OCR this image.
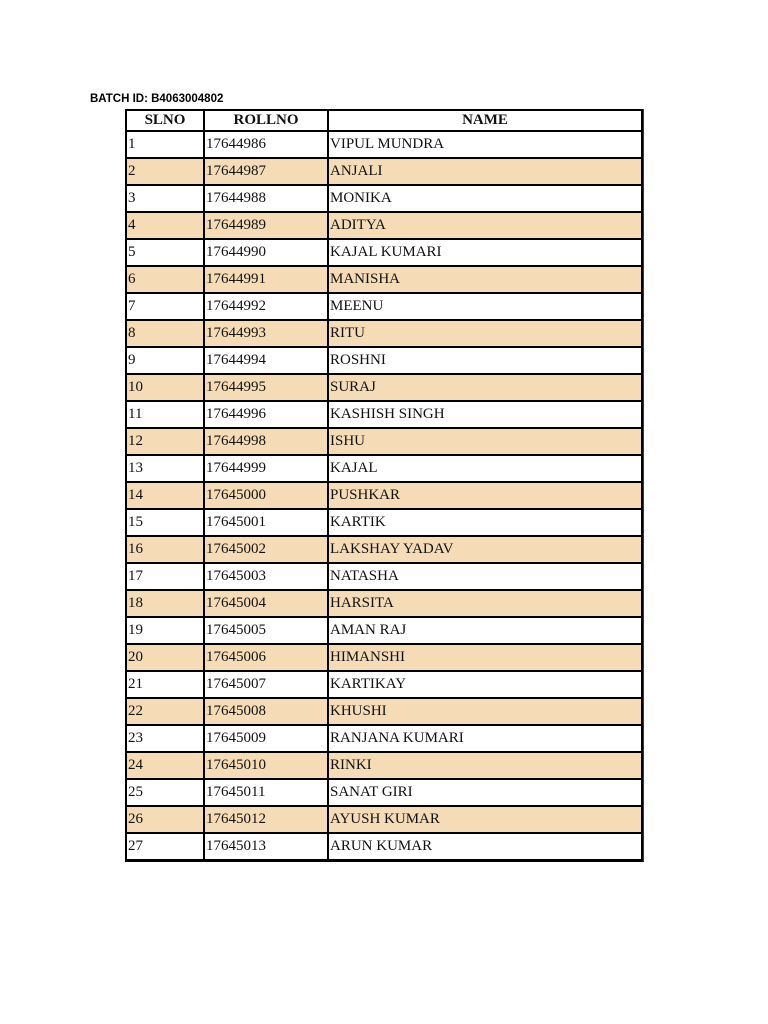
BATCH ID: B4063004802
SLNO	ROLLNO	NAME
1	17644986	VIPUL MUNDRA
2	17644987	ANJALI
3	17644988	MONIKA
4	17644989	ADITYA
5	17644990	KAJAL KUMARI
6	17644991	MANISHA
7	17644992	MEENU
8	17644993	RITU
9	17644994	ROSHNI
10	17644995	SURAJ
11	17644996	KASHISH SINGH
12	17644998	ISHU
13	17644999	KAJAL
14	17645000	PUSHKAR
15	17645001	KARTIK
16	17645002	LAKSHAY YADAV
17	17645003	NATASHA
18	17645004	HARSITA
19	17645005	AMAN RAJ
20	17645006	HIMANSHI
21	17645007	KARTIKAY
22	17645008	KHUSHI
23	17645009	RANJANA KUMARI
24	17645010	RINKI
25	17645011	SANAT GIRI
26	17645012	AYUSH KUMAR
27	17645013	ARUN KUMAR
